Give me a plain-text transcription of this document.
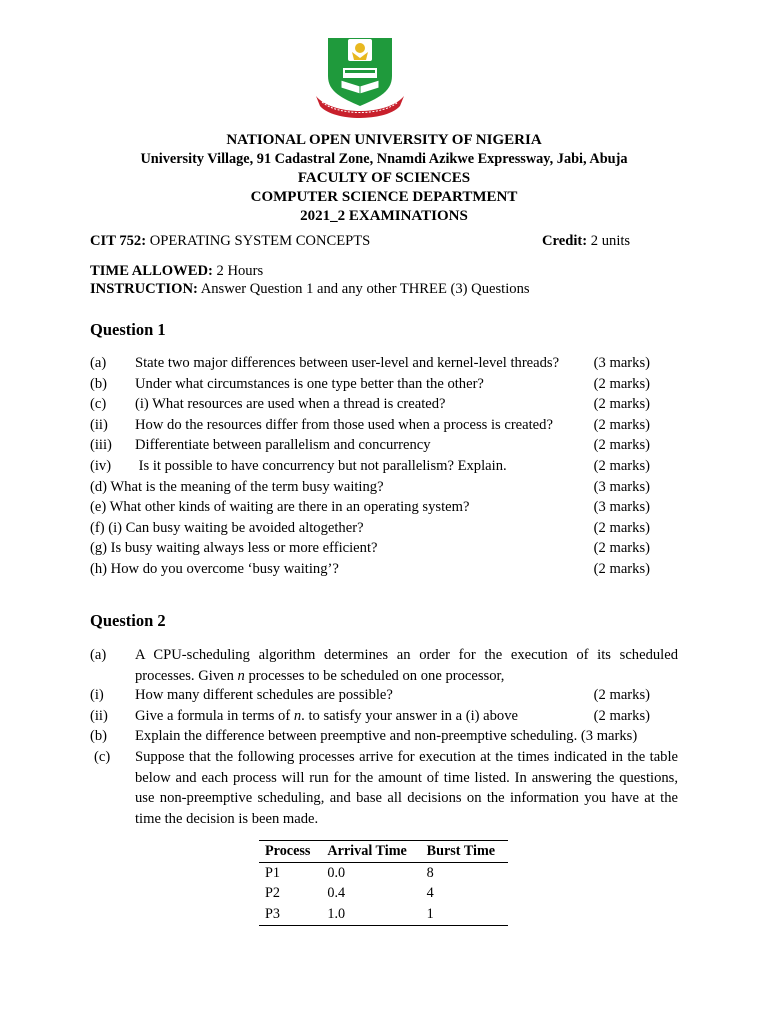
NATIONAL OPEN UNIVERSITY OF NIGERIA
University Village, 91 Cadastral Zone, Nnamdi Azikwe Expressway, Jabi, Abuja
FACULTY OF SCIENCES
COMPUTER SCIENCE DEPARTMENT
2021_2 EXAMINATIONS
CIT 752: OPERATING SYSTEM CONCEPTS	Credit: 2 units
TIME ALLOWED: 2 Hours
INSTRUCTION: Answer Question 1 and any other THREE (3) Questions
Question 1
(a) State two major differences between user-level and kernel-level threads? (3 marks)
(b) Under what circumstances is one type better than the other?	(2 marks)
(c) (i) What resources are used when a thread is created?	(2 marks)
(ii) How do the resources differ from those used when a process is created?	(2 marks)
(iii) Differentiate between parallelism and concurrency	(2 marks)
(iv) Is it possible to have concurrency but not parallelism? Explain.	(2 marks)
(d) What is the meaning of the term busy waiting?	(3 marks)
(e) What other kinds of waiting are there in an operating system?	(3 marks)
(f) (i) Can busy waiting be avoided altogether?	(2 marks)
(g) Is busy waiting always less or more efficient?	(2 marks)
(h) How do you overcome ‘busy waiting’?	(2 marks)
Question 2
(a) A CPU-scheduling algorithm determines an order for the execution of its scheduled processes. Given n processes to be scheduled on one processor,
(i) How many different schedules are possible?	(2 marks)
(ii) Give a formula in terms of n. to satisfy your answer in a (i) above	(2 marks)
(b) Explain the difference between preemptive and non-preemptive scheduling. (3 marks)
(c) Suppose that the following processes arrive for execution at the times indicated in the table below and each process will run for the amount of time listed. In answering the questions, use non-preemptive scheduling, and base all decisions on the information you have at the time the decision is been made.
Process	Arrival Time	Burst Time
P1	0.0	8
P2	0.4	4
P3	1.0	1
